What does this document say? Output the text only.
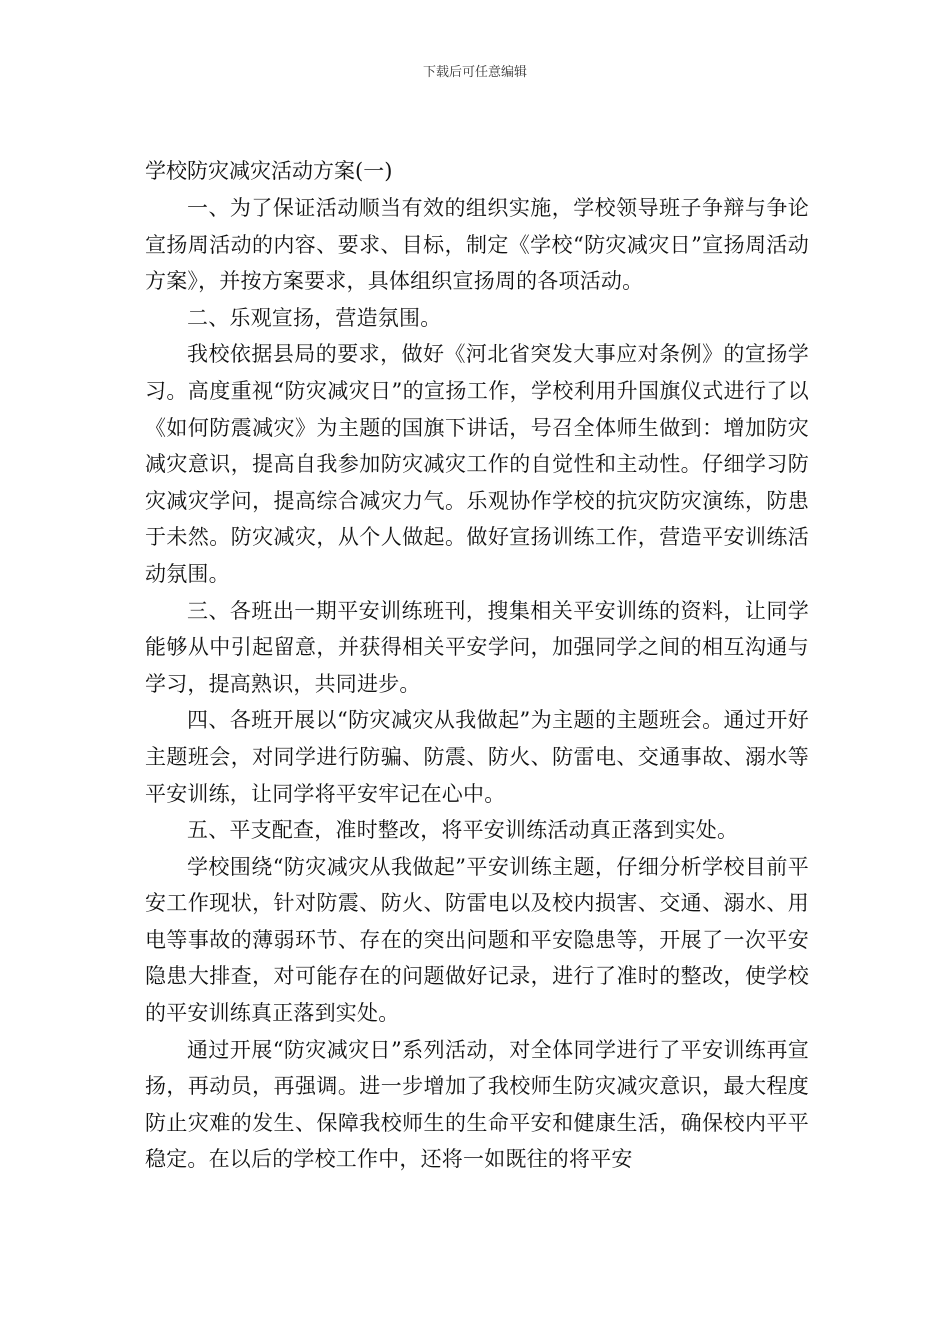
下载后可任意编辑
学校防灾减灾活动方案(一)

一、为了保证活动顺当有效的组织实施，学校领导班子争辩与争论宣扬周活动的内容、要求、目标，制定《学校“防灾减灾日”宣扬周活动方案》，并按方案要求，具体组织宣扬周的各项活动。

二、乐观宣扬，营造氛围。

我校依据县局的要求，做好《河北省突发大事应对条例》的宣扬学习。高度重视“防灾减灾日”的宣扬工作，学校利用升国旗仪式进行了以《如何防震减灾》为主题的国旗下讲话，号召全体师生做到：增加防灾减灾意识，提高自我参加防灾减灾工作的自觉性和主动性。仔细学习防灾减灾学问，提高综合减灾力气。乐观协作学校的抗灾防灾演练，防患于未然。防灾减灾，从个人做起。做好宣扬训练工作，营造平安训练活动氛围。

三、各班出一期平安训练班刊，搜集相关平安训练的资料，让同学能够从中引起留意，并获得相关平安学问，加强同学之间的相互沟通与学习，提高熟识，共同进步。

四、各班开展以“防灾减灾从我做起”为主题的主题班会。通过开好主题班会，对同学进行防骗、防震、防火、防雷电、交通事故、溺水等平安训练，让同学将平安牢记在心中。

五、平支配查，准时整改，将平安训练活动真正落到实处。

学校围绕“防灾减灾从我做起”平安训练主题，仔细分析学校目前平安工作现状，针对防震、防火、防雷电以及校内损害、交通、溺水、用电等事故的薄弱环节、存在的突出问题和平安隐患等，开展了一次平安隐患大排查，对可能存在的问题做好记录，进行了准时的整改，使学校的平安训练真正落到实处。

通过开展“防灾减灾日”系列活动，对全体同学进行了平安训练再宣扬，再动员，再强调。进一步增加了我校师生防灾减灾意识，最大程度防止灾难的发生、保障我校师生的生命平安和健康生活，确保校内平平稳定。在以后的学校工作中，还将一如既往的将平安
